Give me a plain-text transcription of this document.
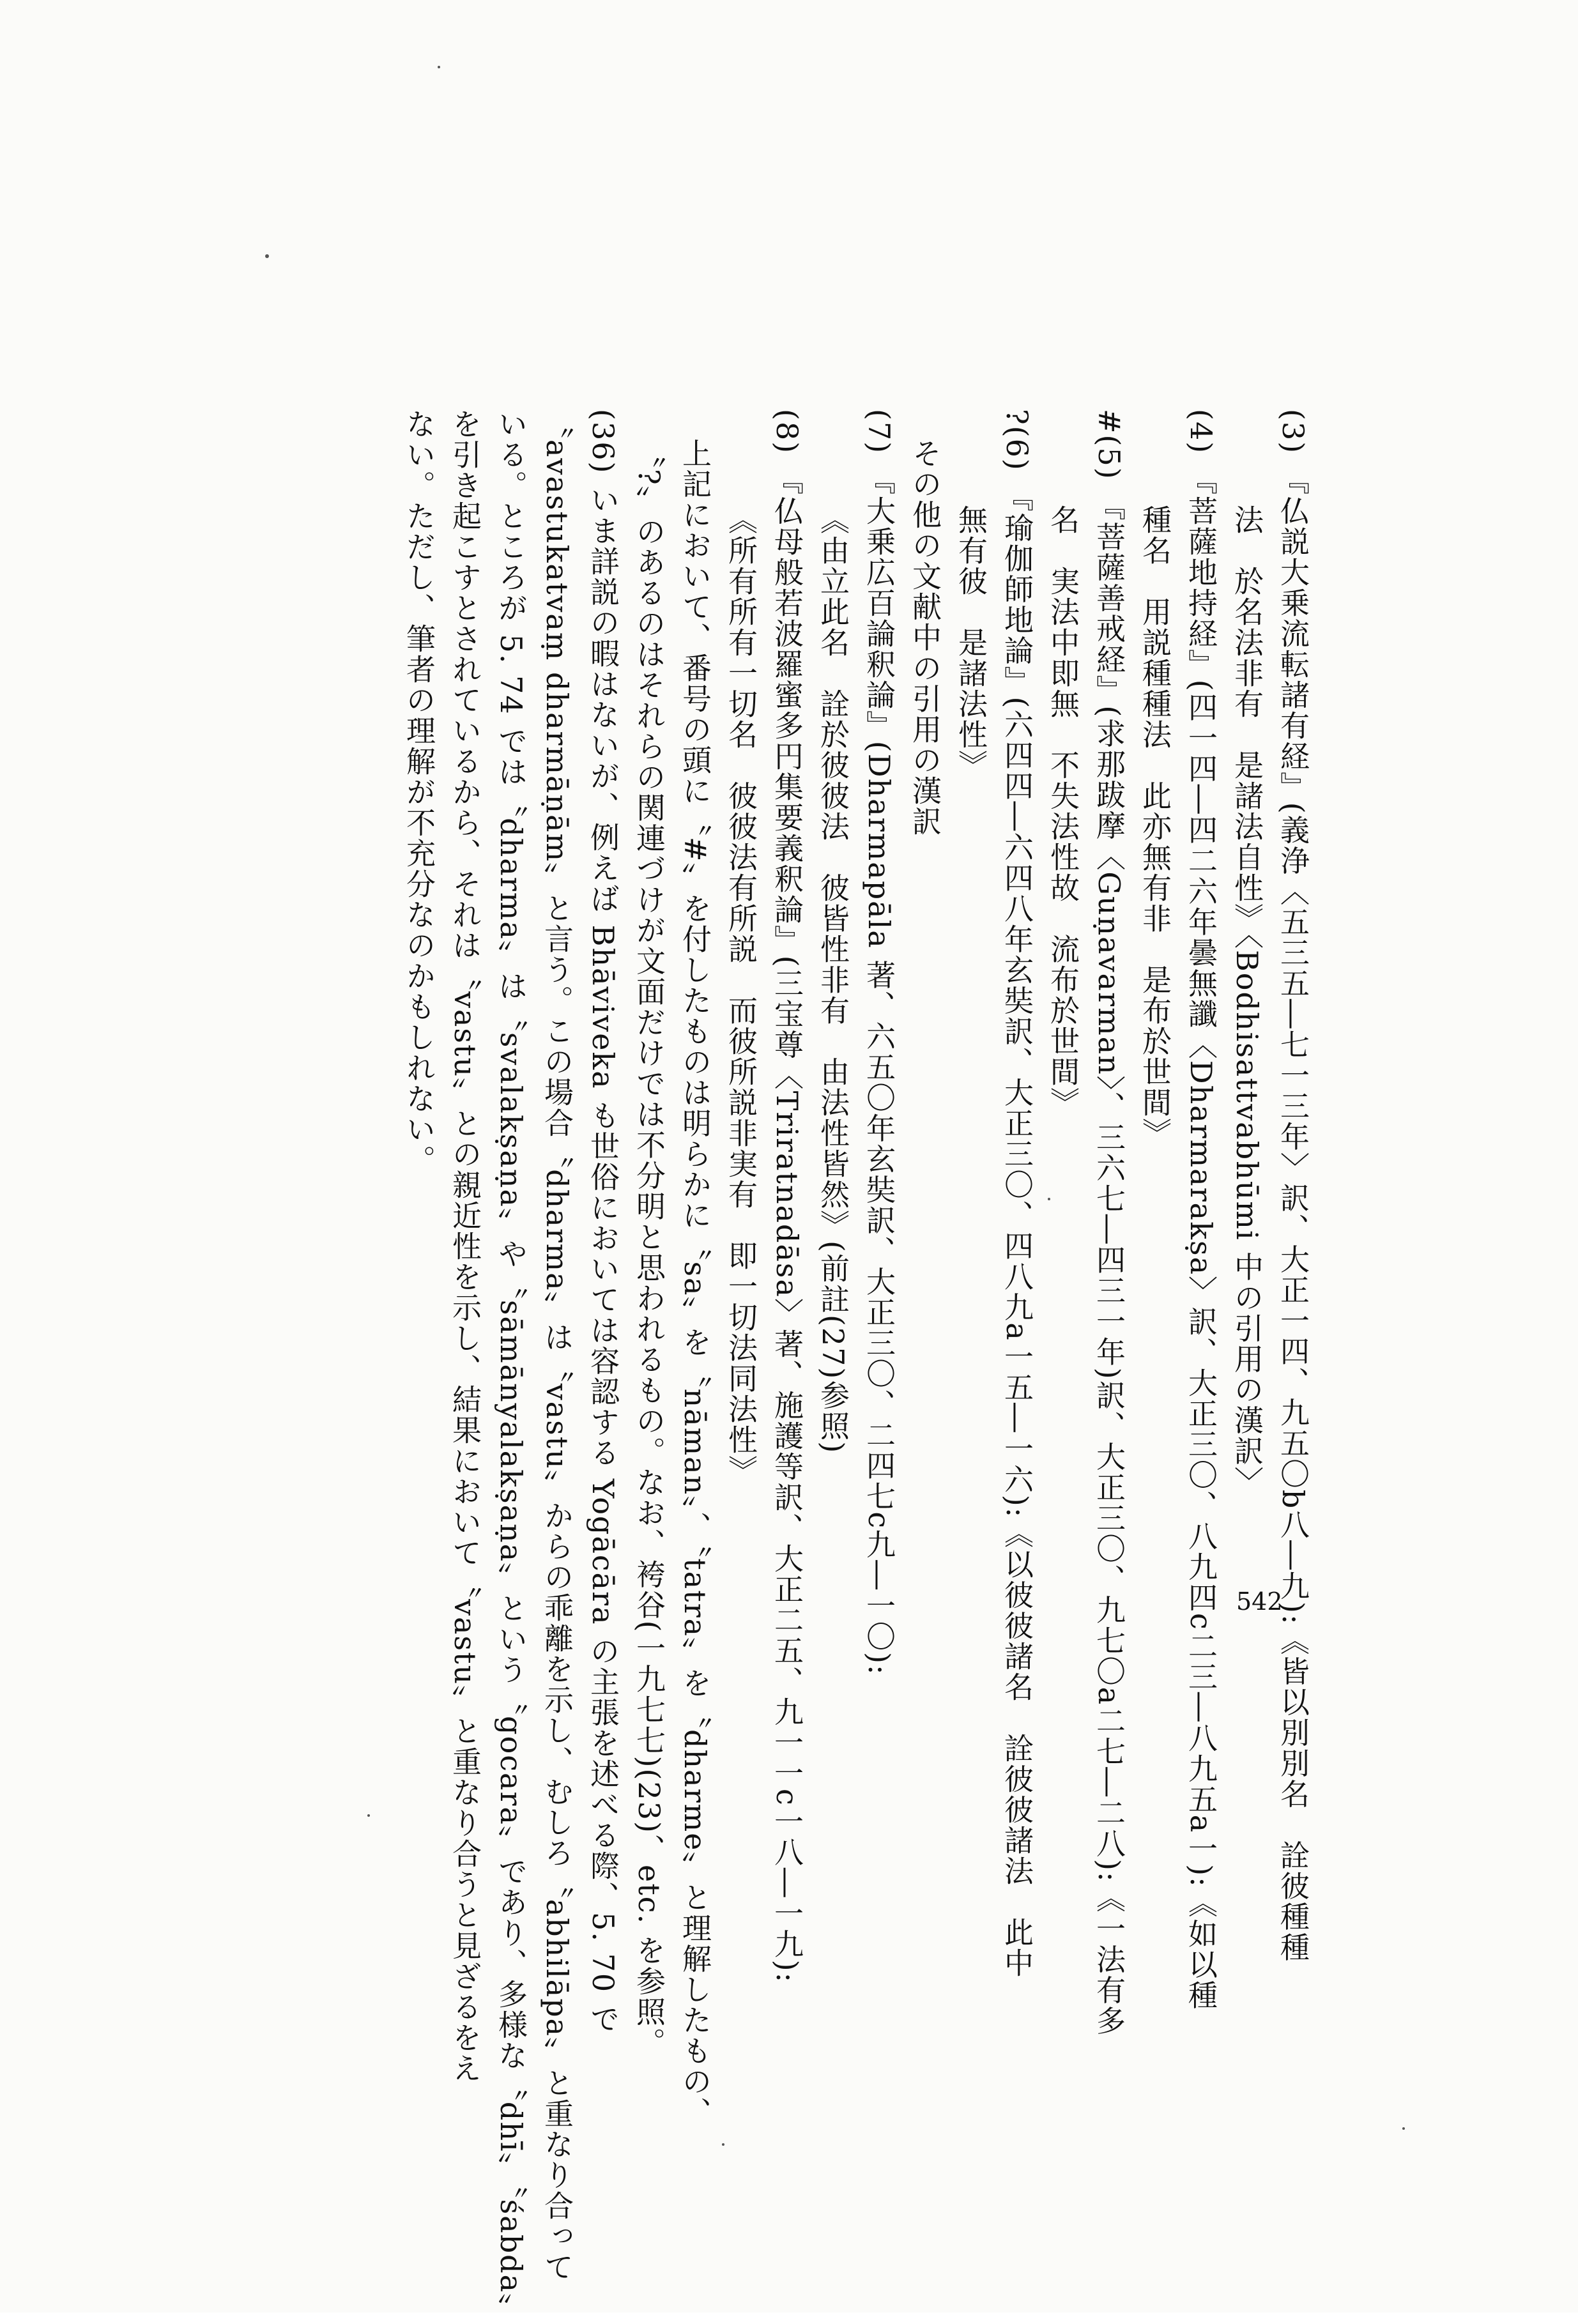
(3) 『仏説大乗流転諸有経』(義浄〈五三五―七一三年〉訳、大正一四、九五〇b八―九):《皆以別別名　詮彼種種
法　於名法非有　是諸法自性》〈Bodhisattvabhūmi 中の引用の漢訳〉
(4) 『菩薩地持経』(四一四―四二六年曇無讖〈Dharmarakṣa〉訳、大正三〇、八九四c二三―八九五a一):《如以種
種名　用説種種法　此亦無有非　是布於世間》
#(5) 『菩薩善戒経』(求那跋摩〈Guṇavarman〉、三六七―四三一年)訳、大正三〇、九七〇a二七―二八):《一法有多
名　実法中即無　不失法性故　流布於世間》
?(6) 『瑜伽師地論』(六四四―六四八年玄奘訳、大正三〇、四八九a一五―一六):《以彼彼諸名　詮彼彼諸法　此中
無有彼　是諸法性》
その他の文献中の引用の漢訳
(7) 『大乗広百論釈論』(Dharmapāla 著、六五〇年玄奘訳、大正三〇、二四七c九―一〇):
《由立此名　詮於彼彼法　彼皆性非有　由法性皆然》(前註(27)参照)
(8) 『仏母般若波羅蜜多円集要義釈論』(三宝尊〈Triratnadāsa〉著、施護等訳、大正二五、九一一c一八―一九):
《所有所有一切名　彼彼法有所説　而彼所説非実有　即一切法同法性》
上記において、番号の頭に〝#〟を付したものは明らかに〝sa〟を〝nāman〟、〝tatra〟を〝dharme〟と理解したもの、
〝?〟のあるのはそれらの関連づけが文面だけでは不分明と思われるもの。なお、袴谷(一九七七)(23)、etc. を参照。
(36) いま詳説の暇はないが、例えば Bhāviveka も世俗においては容認する Yogācāra の主張を述べる際、5. 70 で
〝avastukatvaṃ dharmāṇām〟と言う。この場合〝dharma〟は〝vastu〟からの乖離を示し、むしろ〝abhilāpa〟と重なり合って
いる。ところが 5. 74 では〝dharma〟は〝svalakṣaṇa〟や〝sāmānyalakṣaṇa〟という〝gocara〟であり、多様な〝dhī〟〝śabda〟
を引き起こすとされているから、それは〝vastu〟との親近性を示し、結果において〝vastu〟と重なり合うと見ざるをえ
ない。ただし、筆者の理解が不充分なのかもしれない。
542
